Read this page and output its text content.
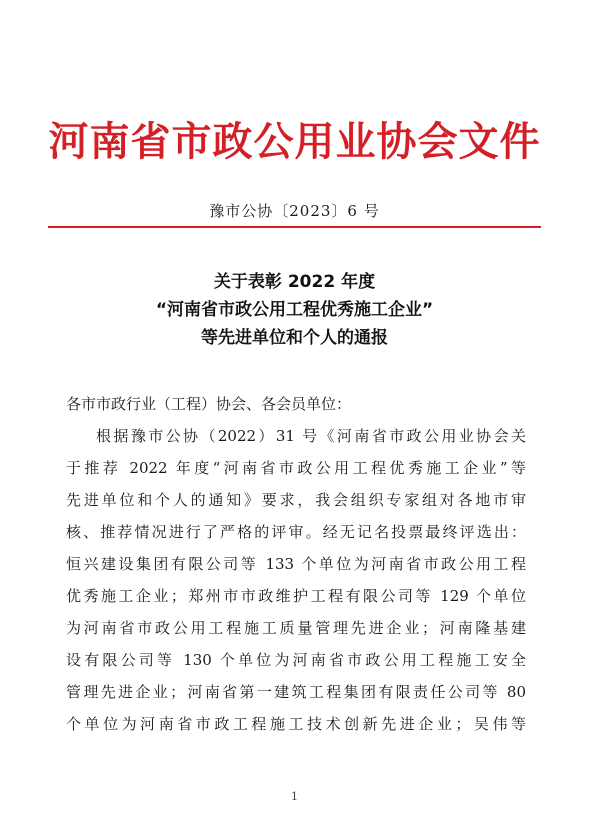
河南省市政公用业协会文件
豫市公协〔2023〕6 号
关于表彰 2022 年度
“河南省市政公用工程优秀施工企业”
等先进单位和个人的通报
各市市政行业（工程）协会、各会员单位：
根据豫市公协（2022）31 号《河南省市政公用业协会关
于推荐 2022 年度“河南省市政公用工程优秀施工企业”等
先进单位和个人的通知》要求，我会组织专家组对各地市审
核、推荐情况进行了严格的评审。经无记名投票最终评选出：
恒兴建设集团有限公司等 133 个单位为河南省市政公用工程
优秀施工企业；郑州市市政维护工程有限公司等 129 个单位
为河南省市政公用工程施工质量管理先进企业；河南隆基建
设有限公司等 130 个单位为河南省市政公用工程施工安全
管理先进企业；河南省第一建筑工程集团有限责任公司等 80
个单位为河南省市政工程施工技术创新先进企业；吴伟等
1
